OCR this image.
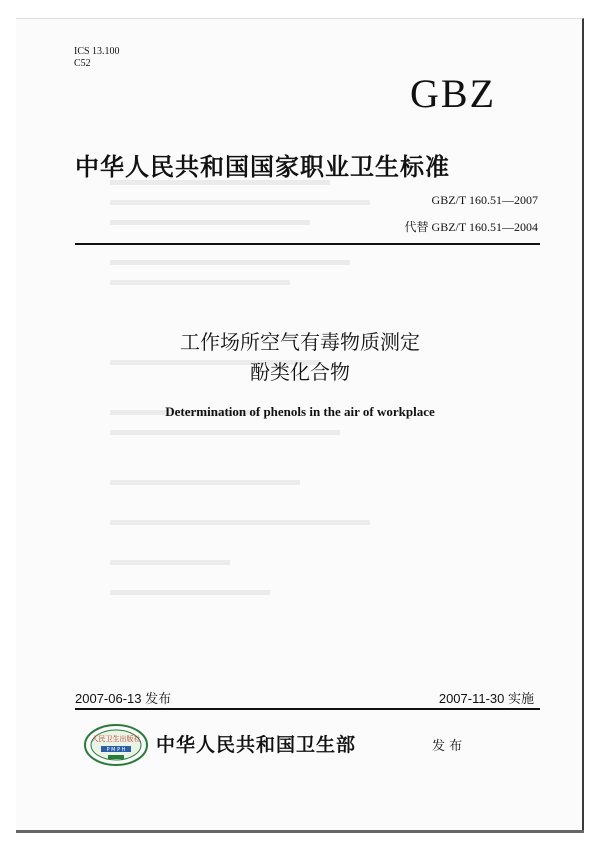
ICS 13.100
C52
GBZ
中华人民共和国国家职业卫生标准
GBZ/T 160.51—2007
代替 GBZ/T 160.51—2004
工作场所空气有毒物质测定
酚类化合物
Determination of phenols in the air of workplace
2007-06-13 发布	2007-11-30 实施
人民卫生出版社
P M P H 中华人民共和国卫生部	发 布
